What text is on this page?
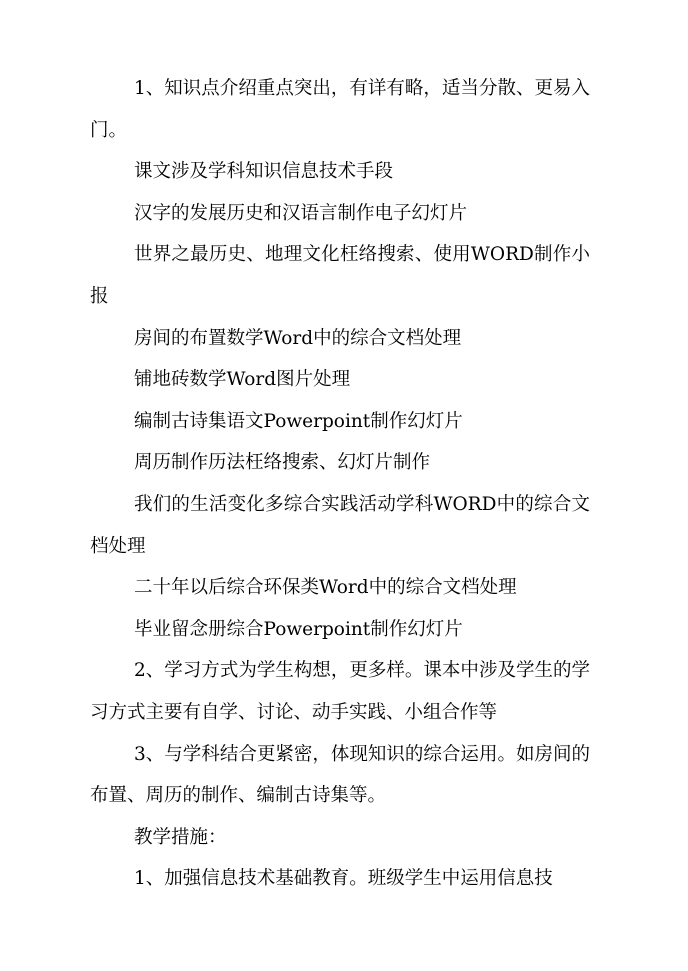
1、知识点介绍重点突出，有详有略，适当分散、更易入门。

课文涉及学科知识信息技术手段

汉字的发展历史和汉语言制作电子幻灯片

世界之最历史、地理文化枉络搜索、使用WORD制作小报

房间的布置数学Word中的综合文档处理

铺地砖数学Word图片处理

编制古诗集语文Powerpoint制作幻灯片

周历制作历法枉络搜索、幻灯片制作

我们的生活变化多综合实践活动学科WORD中的综合文档处理

二十年以后综合环保类Word中的综合文档处理

毕业留念册综合Powerpoint制作幻灯片

2、学习方式为学生构想，更多样。课本中涉及学生的学习方式主要有自学、讨论、动手实践、小组合作等

3、与学科结合更紧密，体现知识的综合运用。如房间的布置、周历的制作、编制古诗集等。

教学措施：

1、加强信息技术基础教育。班级学生中运用信息技
